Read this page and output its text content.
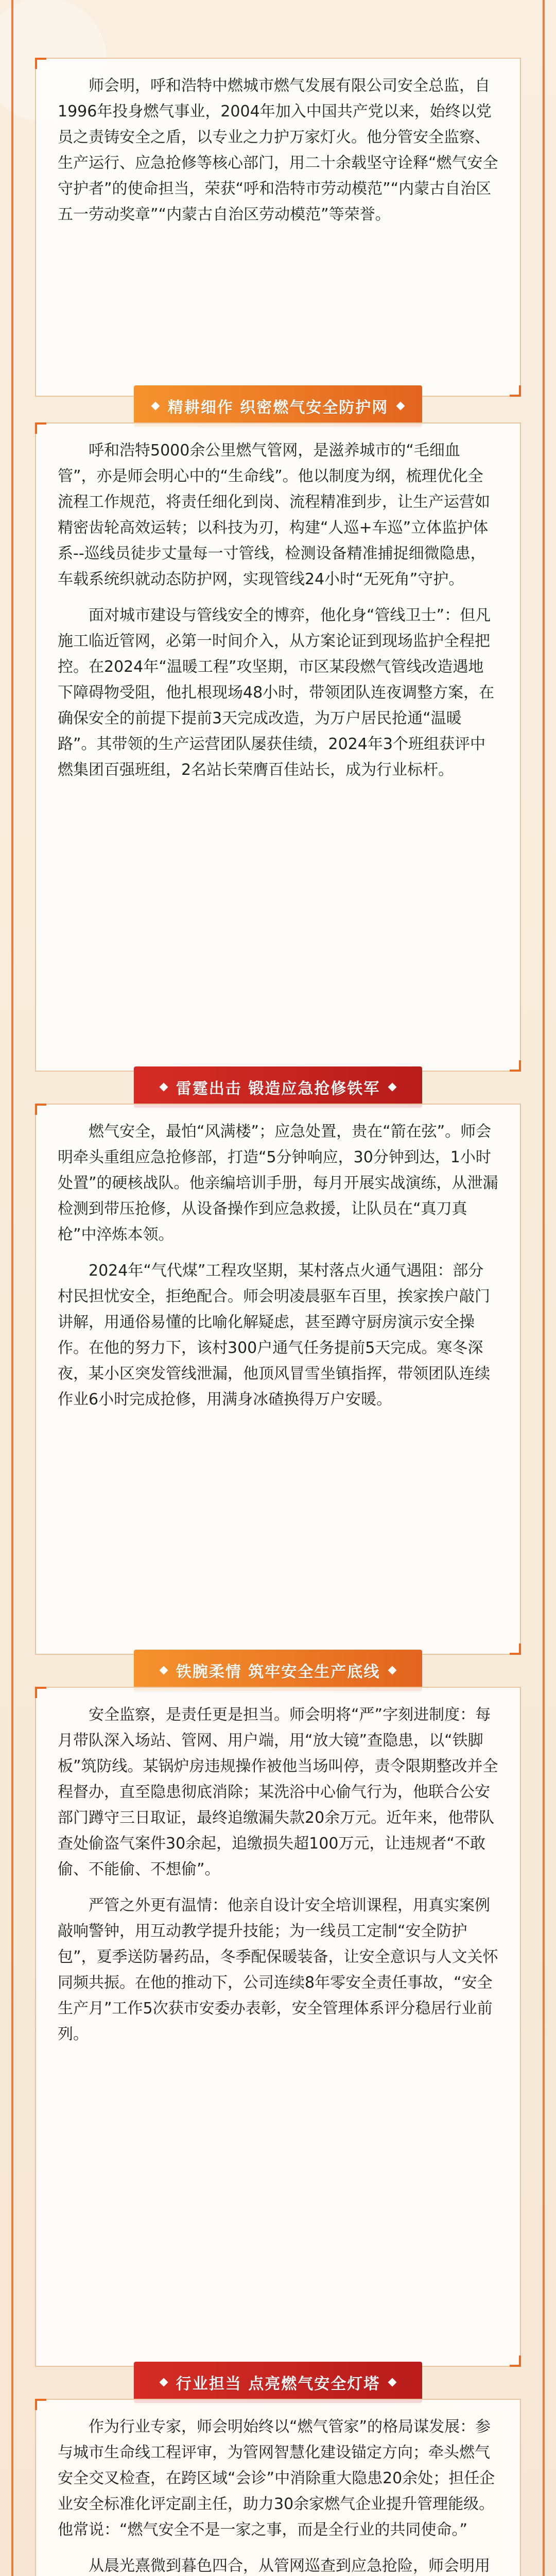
师会明，呼和浩特中燃城市燃气发展有限公司安全总监，自1996年投身燃气事业，2004年加入中国共产党以来，始终以党员之责铸安全之盾，以专业之力护万家灯火。他分管安全监察、生产运行、应急抢修等核心部门，用二十余载坚守诠释“燃气安全守护者”的使命担当，荣获“呼和浩特市劳动模范”“内蒙古自治区五一劳动奖章”“内蒙古自治区劳动模范”等荣誉。

精耕细作 织密燃气安全防护网

呼和浩特5000余公里燃气管网，是滋养城市的“毛细血管”，亦是师会明心中的“生命线”。他以制度为纲，梳理优化全流程工作规范，将责任细化到岗、流程精准到步，让生产运营如精密齿轮高效运转；以科技为刃，构建“人巡+车巡”立体监护体系--巡线员徒步丈量每一寸管线，检测设备精准捕捉细微隐患，车载系统织就动态防护网，实现管线24小时“无死角”守护。

面对城市建设与管线安全的博弈，他化身“管线卫士”：但凡施工临近管网，必第一时间介入，从方案论证到现场监护全程把控。在2024年“温暖工程”攻坚期，市区某段燃气管线改造遇地下障碍物受阻，他扎根现场48小时，带领团队连夜调整方案，在确保安全的前提下提前3天完成改造，为万户居民抢通“温暖路”。其带领的生产运营团队屡获佳绩，2024年3个班组获评中燃集团百强班组，2名站长荣膺百佳站长，成为行业标杆。

雷霆出击 锻造应急抢修铁军

燃气安全，最怕“风满楼”；应急处置，贵在“箭在弦”。师会明牵头重组应急抢修部，打造“5分钟响应，30分钟到达，1小时处置”的硬核战队。他亲编培训手册，每月开展实战演练，从泄漏检测到带压抢修，从设备操作到应急救援，让队员在“真刀真枪”中淬炼本领。

2024年“气代煤”工程攻坚期，某村落点火通气遇阻：部分村民担忧安全，拒绝配合。师会明凌晨驱车百里，挨家挨户敲门讲解，用通俗易懂的比喻化解疑虑，甚至蹲守厨房演示安全操作。在他的努力下，该村300户通气任务提前5天完成。寒冬深夜，某小区突发管线泄漏，他顶风冒雪坐镇指挥，带领团队连续作业6小时完成抢修，用满身冰碴换得万户安暖。

铁腕柔情 筑牢安全生产底线

安全监察，是责任更是担当。师会明将“严”字刻进制度：每月带队深入场站、管网、用户端，用“放大镜”查隐患，以“铁脚板”筑防线。某锅炉房违规操作被他当场叫停，责令限期整改并全程督办，直至隐患彻底消除；某洗浴中心偷气行为，他联合公安部门蹲守三日取证，最终追缴漏失款20余万元。近年来，他带队查处偷盗气案件30余起，追缴损失超100万元，让违规者“不敢偷、不能偷、不想偷”。

严管之外更有温情：他亲自设计安全培训课程，用真实案例敲响警钟，用互动教学提升技能；为一线员工定制“安全防护包”，夏季送防暑药品，冬季配保暖装备，让安全意识与人文关怀同频共振。在他的推动下，公司连续8年零安全责任事故，“安全生产月”工作5次获市安委办表彰，安全管理体系评分稳居行业前列。

行业担当 点亮燃气安全灯塔

作为行业专家，师会明始终以“燃气管家”的格局谋发展：参与城市生命线工程评审，为管网智慧化建设锚定方向；牵头燃气安全交叉检查，在跨区域“会诊”中消除重大隐患20余处；担任企业安全标准化评定副主任，助力30余家燃气企业提升管理能级。他常说：“燃气安全不是一家之事，而是全行业的共同使命。”

从晨光熹微到暮色四合，从管网巡查到应急抢险，师会明用
